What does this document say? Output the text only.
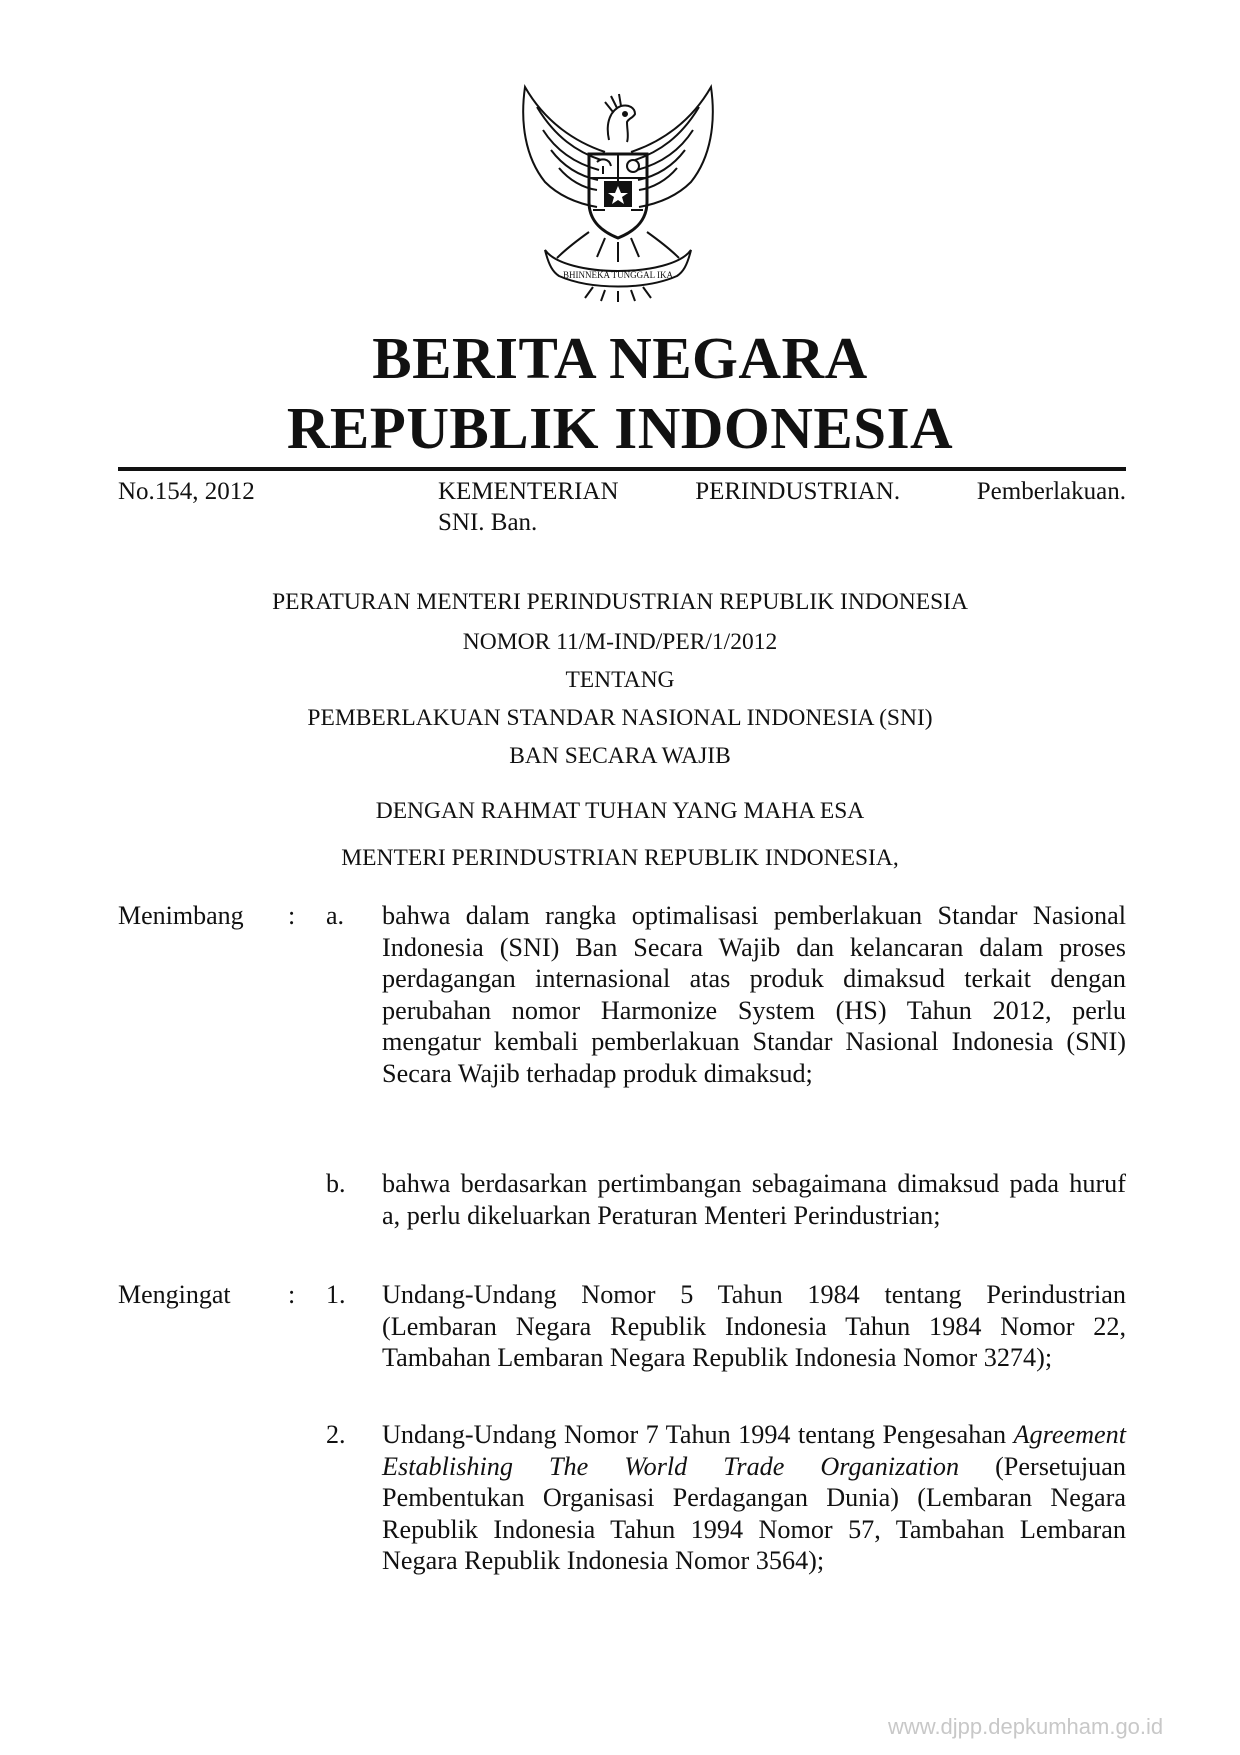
BHINNEKA TUNGGAL IKA
BERITA NEGARA
REPUBLIK INDONESIA
No.154, 2012	KEMENTERIAN PERINDUSTRIAN. Pemberlakuan.
SNI. Ban.
PERATURAN MENTERI PERINDUSTRIAN REPUBLIK INDONESIA
NOMOR 11/M-IND/PER/1/2012
TENTANG
PEMBERLAKUAN STANDAR NASIONAL INDONESIA (SNI)
BAN SECARA WAJIB
DENGAN RAHMAT TUHAN YANG MAHA ESA
MENTERI PERINDUSTRIAN REPUBLIK INDONESIA,
Menimbang : a. bahwa dalam rangka optimalisasi pemberlakuan Standar Nasional Indonesia (SNI) Ban Secara Wajib dan kelancaran dalam proses perdagangan internasional atas produk dimaksud terkait dengan perubahan nomor Harmonize System (HS) Tahun 2012, perlu mengatur kembali pemberlakuan Standar Nasional Indonesia (SNI) Secara Wajib terhadap produk dimaksud;
b. bahwa berdasarkan pertimbangan sebagaimana dimaksud pada huruf a, perlu dikeluarkan Peraturan Menteri Perindustrian;
Mengingat : 1. Undang-Undang Nomor 5 Tahun 1984 tentang Perindustrian (Lembaran Negara Republik Indonesia Tahun 1984 Nomor 22, Tambahan Lembaran Negara Republik Indonesia Nomor 3274);
2. Undang-Undang Nomor 7 Tahun 1994 tentang Pengesahan Agreement Establishing The World Trade Organization (Persetujuan Pembentukan Organisasi Perdagangan Dunia) (Lembaran Negara Republik Indonesia Tahun 1994 Nomor 57, Tambahan Lembaran Negara Republik Indonesia Nomor 3564);
www.djpp.depkumham.go.id
